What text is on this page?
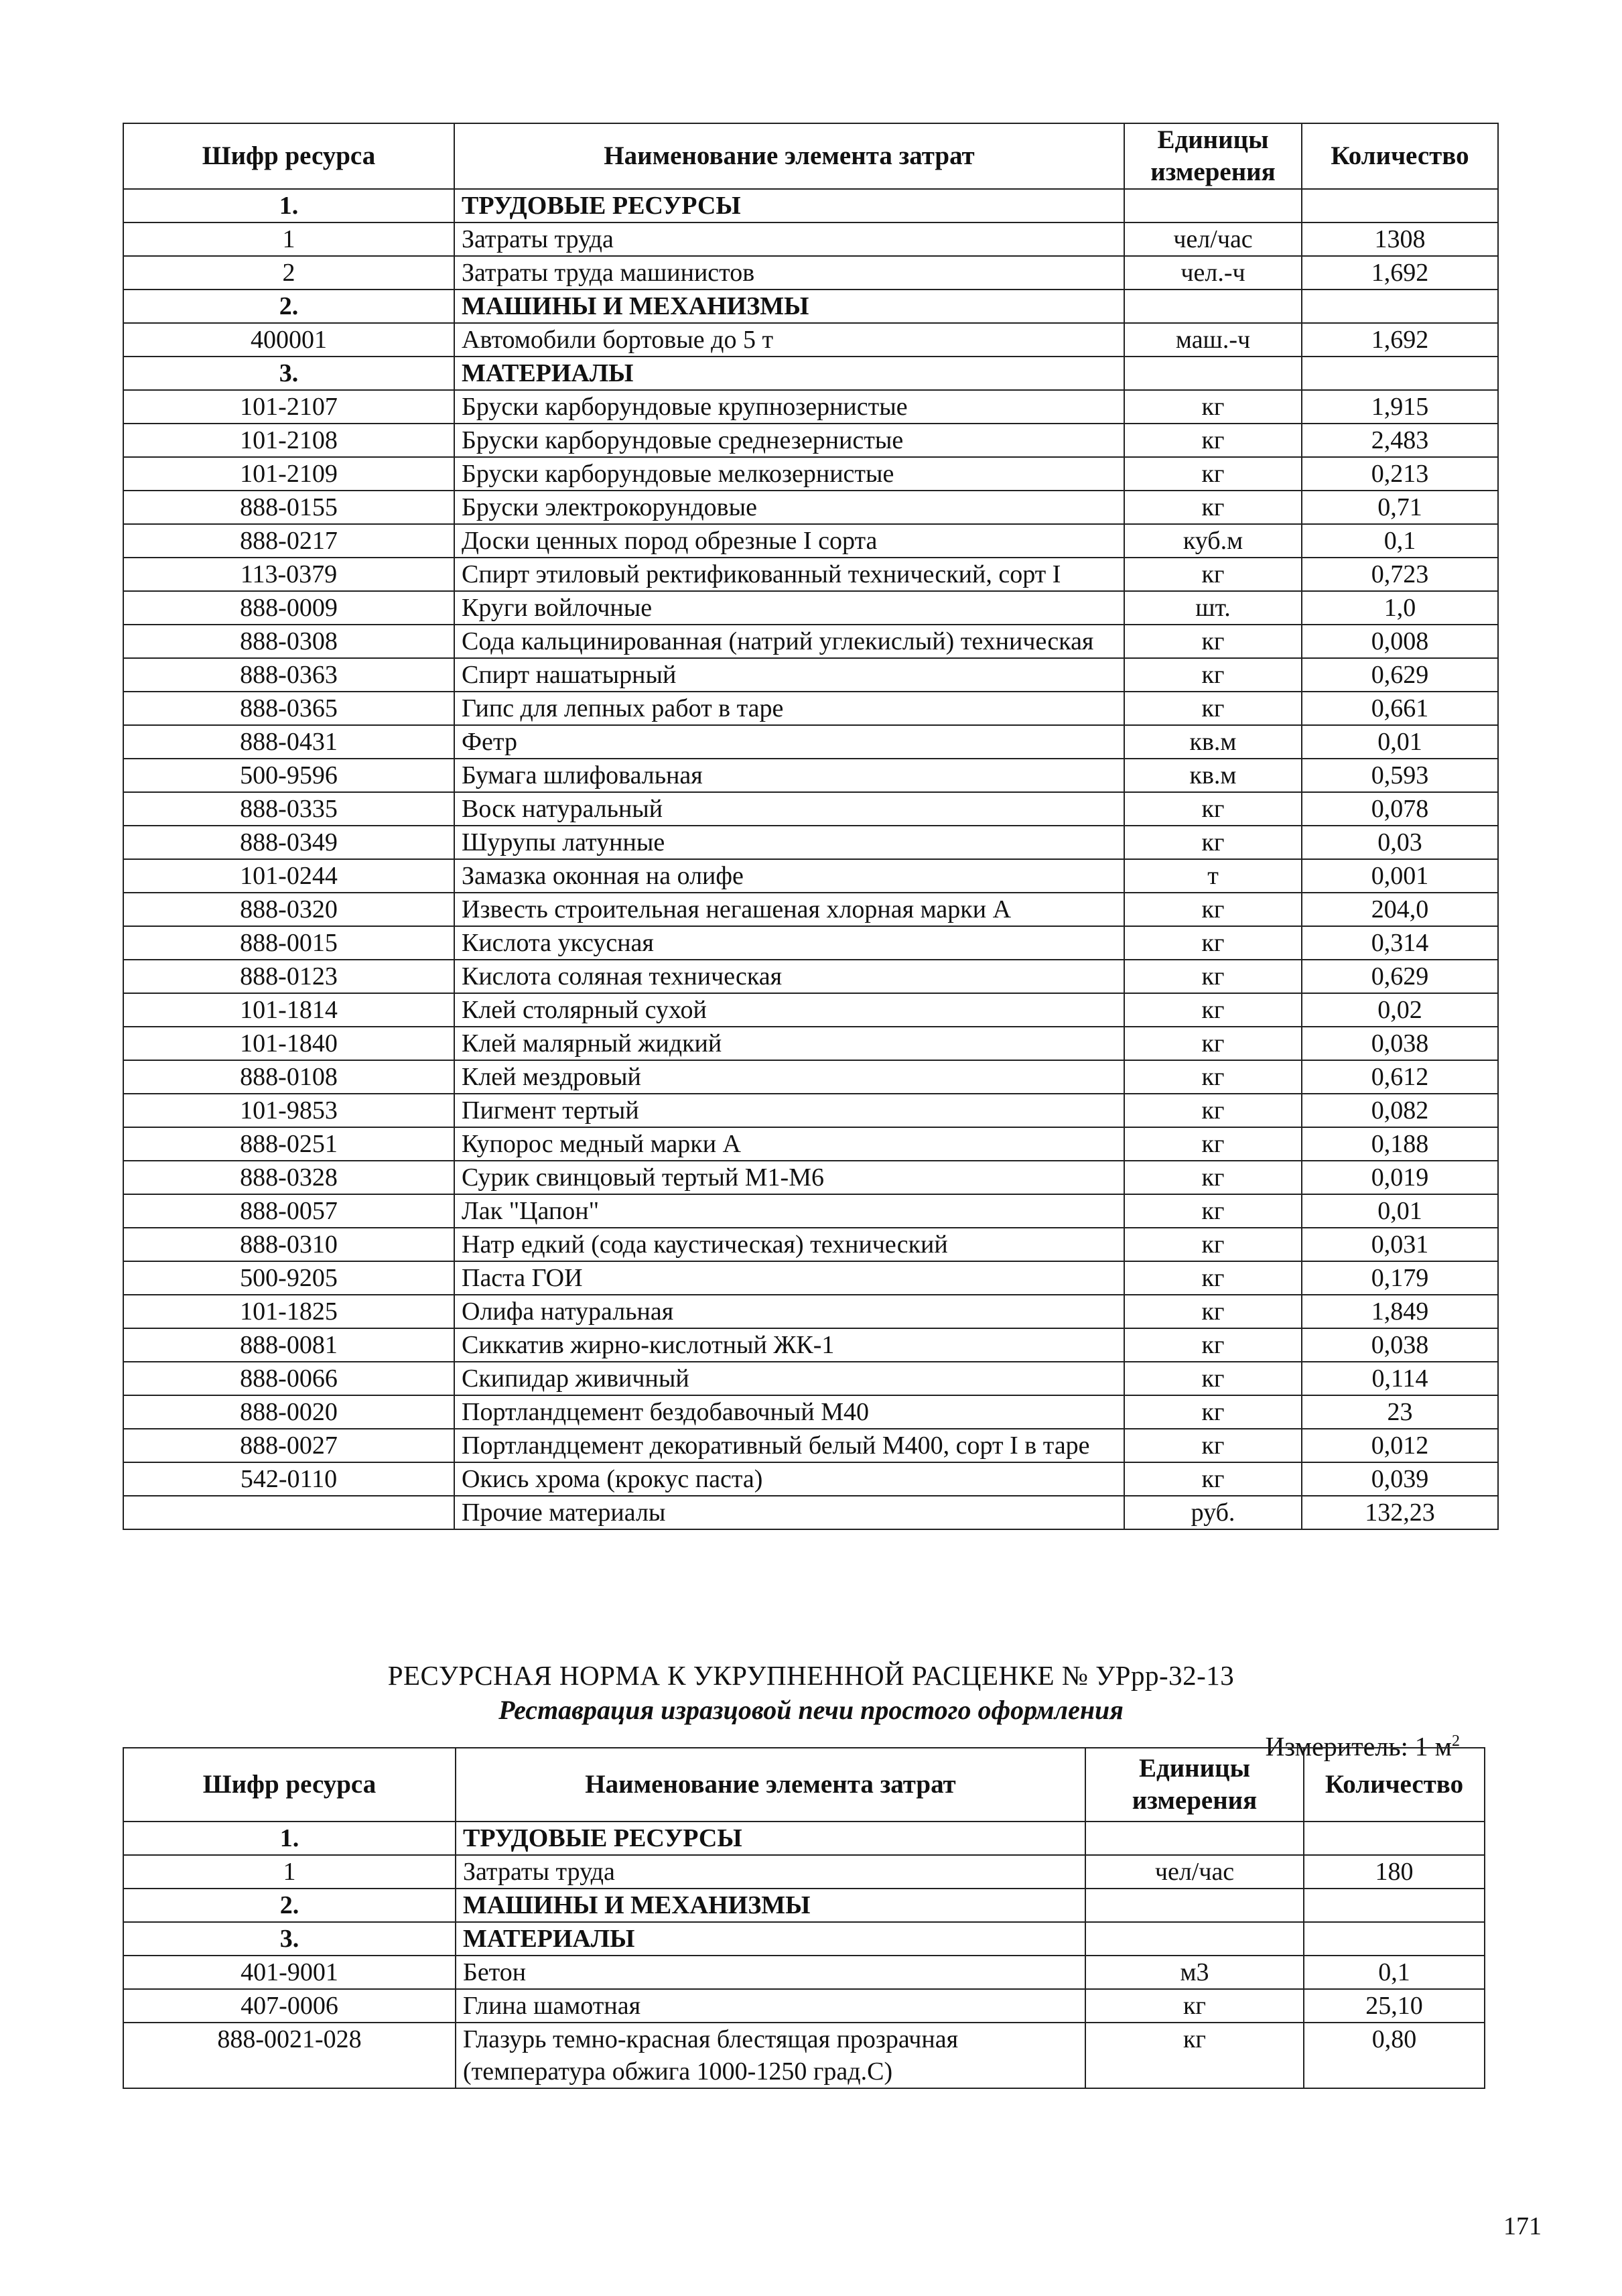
Шифр ресурса	Наименование элемента затрат	Единицы измерения	Количество
1.	ТРУДОВЫЕ РЕСУРСЫ		
1	Затраты труда	чел/час	1308
2	Затраты труда машинистов	чел.-ч	1,692
2.	МАШИНЫ И МЕХАНИЗМЫ		
400001	Автомобили бортовые до 5 т	маш.-ч	1,692
3.	МАТЕРИАЛЫ		
101-2107	Бруски карборундовые крупнозернистые	кг	1,915
101-2108	Бруски карборундовые среднезернистые	кг	2,483
101-2109	Бруски карборундовые мелкозернистые	кг	0,213
888-0155	Бруски электрокорундовые	кг	0,71
888-0217	Доски ценных пород обрезные I сорта	куб.м	0,1
113-0379	Спирт этиловый ректификованный технический, сорт I	кг	0,723
888-0009	Круги войлочные	шт.	1,0
888-0308	Сода кальцинированная (натрий углекислый) техническая	кг	0,008
888-0363	Спирт нашатырный	кг	0,629
888-0365	Гипс для лепных работ в таре	кг	0,661
888-0431	Фетр	кв.м	0,01
500-9596	Бумага шлифовальная	кв.м	0,593
888-0335	Воск натуральный	кг	0,078
888-0349	Шурупы латунные	кг	0,03
101-0244	Замазка оконная на олифе	т	0,001
888-0320	Известь строительная негашеная хлорная марки А	кг	204,0
888-0015	Кислота уксусная	кг	0,314
888-0123	Кислота соляная техническая	кг	0,629
101-1814	Клей столярный сухой	кг	0,02
101-1840	Клей малярный жидкий	кг	0,038
888-0108	Клей мездровый	кг	0,612
101-9853	Пигмент тертый	кг	0,082
888-0251	Купорос медный марки А	кг	0,188
888-0328	Сурик свинцовый тертый М1-М6	кг	0,019
888-0057	Лак "Цапон"	кг	0,01
888-0310	Натр едкий (сода каустическая) технический	кг	0,031
500-9205	Паста ГОИ	кг	0,179
101-1825	Олифа натуральная	кг	1,849
888-0081	Сиккатив жирно-кислотный ЖК-1	кг	0,038
888-0066	Скипидар живичный	кг	0,114
888-0020	Портландцемент бездобавочный М40	кг	23
888-0027	Портландцемент декоративный белый М400, сорт I в таре	кг	0,012
542-0110	Окись хрома (крокус паста)	кг	0,039
	Прочие материалы	руб.	132,23
РЕСУРСНАЯ НОРМА К УКРУПНЕННОЙ РАСЦЕНКЕ № УРрр-32-13
Реставрация изразцовой печи простого оформления
Измеритель: 1 $м^2$
Шифр ресурса	Наименование элемента затрат	Единицы измерения	Количество
1.	ТРУДОВЫЕ РЕСУРСЫ		
1	Затраты труда	чел/час	180
2.	МАШИНЫ И МЕХАНИЗМЫ		
3.	МАТЕРИАЛЫ		
401-9001	Бетон	м3	0,1
407-0006	Глина шамотная	кг	25,10
888-0021-028	Глазурь темно-красная блестящая прозрачная (температура обжига 1000-1250 град.С)	кг	0,80
171
